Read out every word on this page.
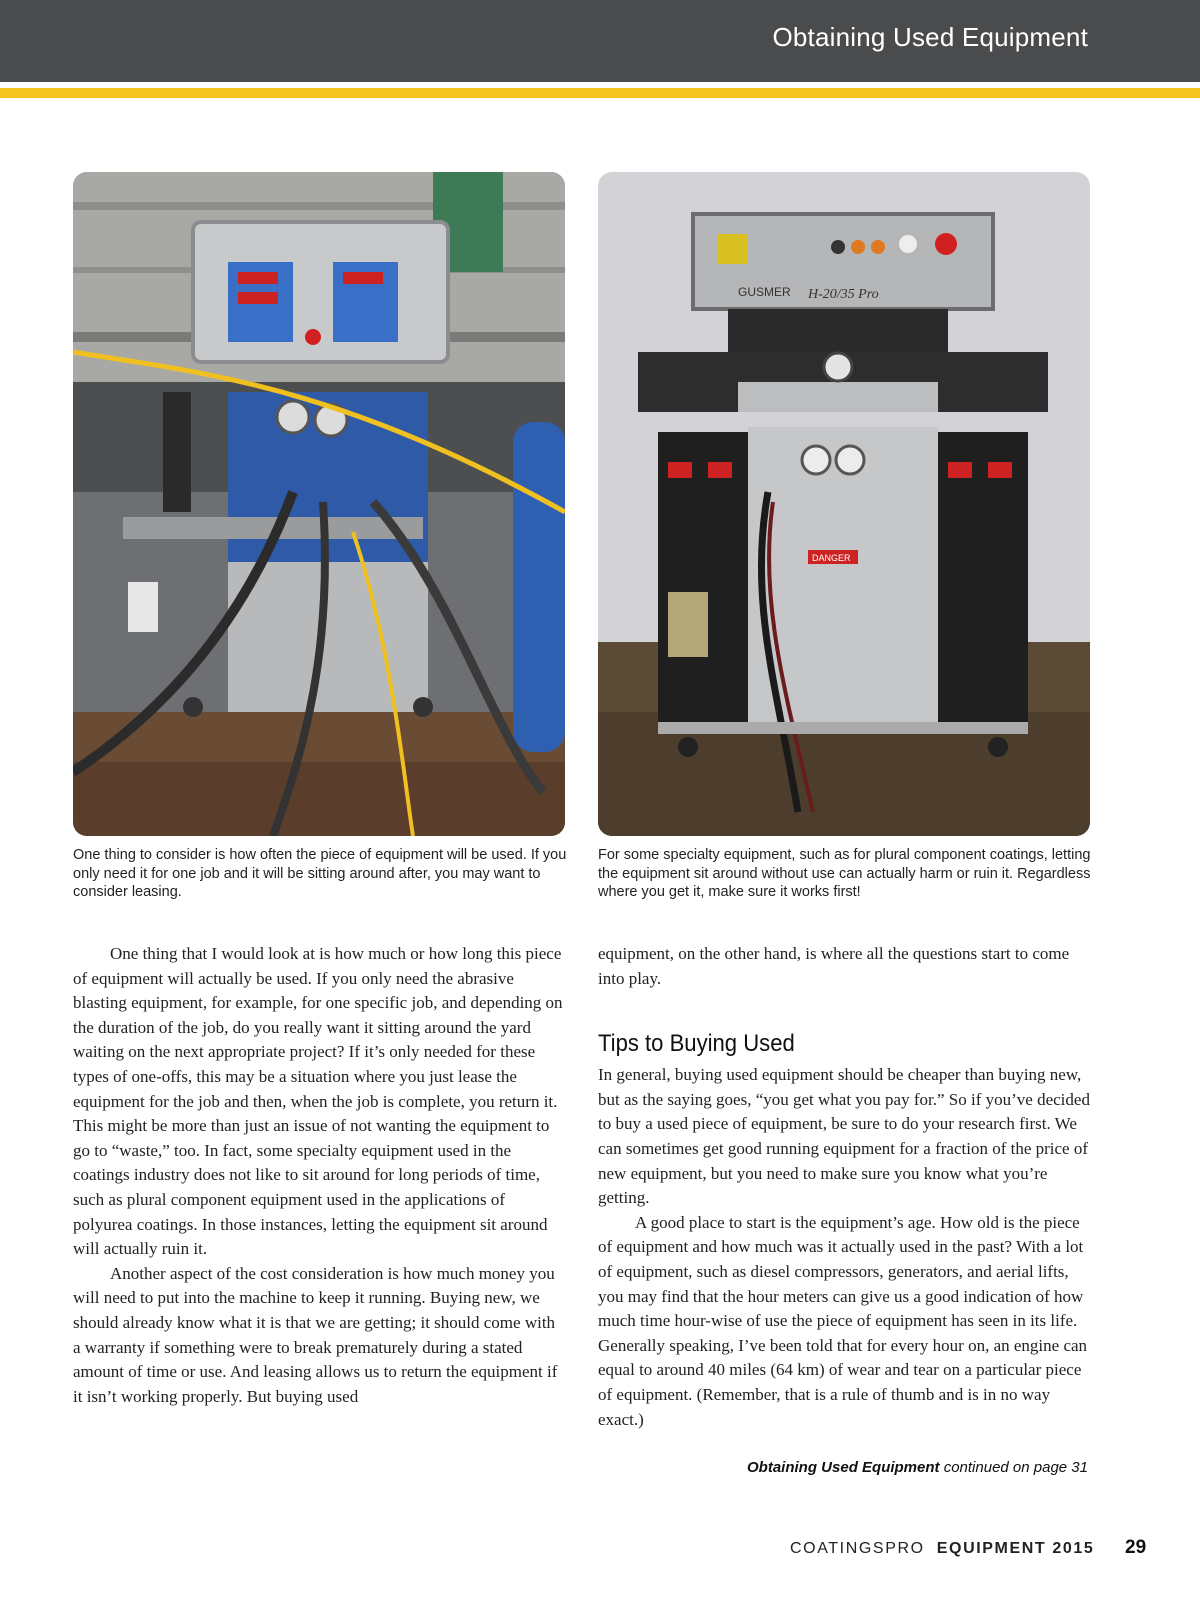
Obtaining Used Equipment
GUSMER H-20/35 Pro
DANGER
One thing to consider is how often the piece of equipment will be used. If you only need it for one job and it will be sitting around after, you may want to consider leasing.
For some specialty equipment, such as for plural component coatings, letting the equipment sit around without use can actually harm or ruin it. Regardless where you get it, make sure it works first!

One thing that I would look at is how much or how long this piece of equipment will actually be used. If you only need the abrasive blasting equipment, for example, for one specific job, and depending on the duration of the job, do you really want it sitting around the yard waiting on the next appropriate project? If it’s only needed for these types of one-offs, this may be a situation where you just lease the equipment for the job and then, when the job is complete, you return it. This might be more than just an issue of not wanting the equipment to go to “waste,” too. In fact, some specialty equipment used in the coatings industry does not like to sit around for long periods of time, such as plural component equipment used in the applications of polyurea coatings. In those instances, letting the equipment sit around will actually ruin it.

Another aspect of the cost consideration is how much money you will need to put into the machine to keep it running. Buying new, we should already know what it is that we are getting; it should come with a warranty if something were to break prematurely during a stated amount of time or use. And leasing allows us to return the equipment if it isn’t working properly. But buying used

equipment, on the other hand, is where all the questions start to come into play.

Tips to Buying Used

In general, buying used equipment should be cheaper than buying new, but as the saying goes, “you get what you pay for.” So if you’ve decided to buy a used piece of equipment, be sure to do your research first. We can sometimes get good running equipment for a fraction of the price of new equipment, but you need to make sure you know what you’re getting.

A good place to start is the equipment’s age. How old is the piece of equipment and how much was it actually used in the past? With a lot of equipment, such as diesel compressors, generators, and aerial lifts, you may find that the hour meters can give us a good indication of how much time hour-wise of use the piece of equipment has seen in its life. Generally speaking, I’ve been told that for every hour on, an engine can equal to around 40 miles (64 km) of wear and tear on a particular piece of equipment. (Remember, that is a rule of thumb and is in no way exact.)

Obtaining Used Equipment continued on page 31
COATINGSPRO EQUIPMENT 2015 29
